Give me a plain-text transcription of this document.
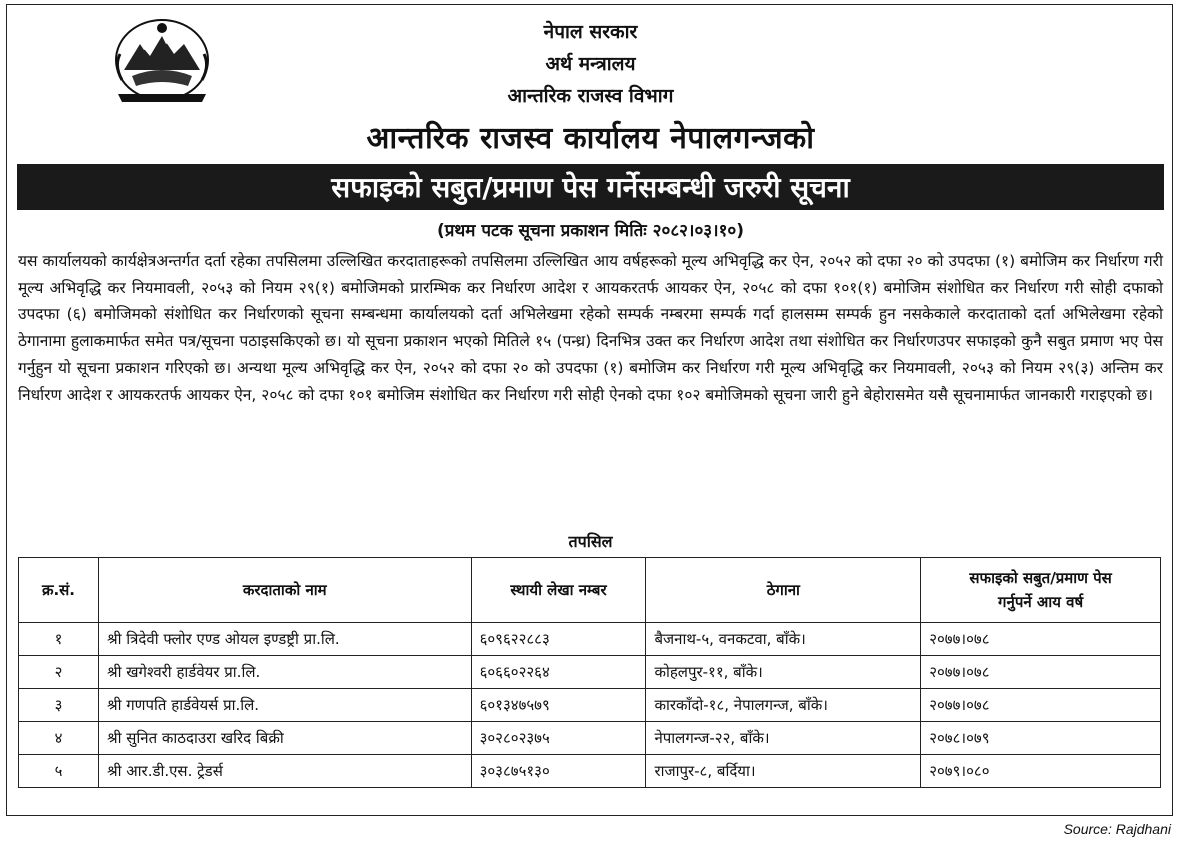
नेपाल सरकार
अर्थ मन्त्रालय
आन्तरिक राजस्व विभाग
आन्तरिक राजस्व कार्यालय नेपालगन्जको
सफाइको सबुत/प्रमाण पेस गर्नेसम्बन्धी जरुरी सूचना
(प्रथम पटक सूचना प्रकाशन मितिः २०८२।०३।१०)

यस कार्यालयको कार्यक्षेत्रअन्तर्गत दर्ता रहेका तपसिलमा उल्लिखित करदाताहरूको तपसिलमा उल्लिखित आय वर्षहरूको मूल्य अभिवृद्धि कर ऐन, २०५२ को दफा २० को उपदफा (१) बमोजिम कर निर्धारण गरी मूल्य अभिवृद्धि कर नियमावली, २०५३ को नियम २९(१) बमोजिमको प्रारम्भिक कर निर्धारण आदेश र आयकरतर्फ आयकर ऐन, २०५८ को दफा १०१(१) बमोजिम संशोधित कर निर्धारण गरी सोही दफाको उपदफा (६) बमोजिमको संशोधित कर निर्धारणको सूचना सम्बन्धमा कार्यालयको दर्ता अभिलेखमा रहेको सम्पर्क नम्बरमा सम्पर्क गर्दा हालसम्म सम्पर्क हुन नसकेकाले करदाताको दर्ता अभिलेखमा रहेको ठेगानामा हुलाकमार्फत समेत पत्र/सूचना पठाइसकिएको छ। यो सूचना प्रकाशन भएको मितिले १५ (पन्ध्र) दिनभित्र उक्त कर निर्धारण आदेश तथा संशोधित कर निर्धारणउपर सफाइको कुनै सबुत प्रमाण भए पेस गर्नुहुन यो सूचना प्रकाशन गरिएको छ। अन्यथा मूल्य अभिवृद्धि कर ऐन, २०५२ को दफा २० को उपदफा (१) बमोजिम कर निर्धारण गरी मूल्य अभिवृद्धि कर नियमावली, २०५३ को नियम २९(३) अन्तिम कर निर्धारण आदेश र आयकरतर्फ आयकर ऐन, २०५८ को दफा १०१ बमोजिम संशोधित कर निर्धारण गरी सोही ऐनको दफा १०२ बमोजिमको सूचना जारी हुने बेहोरासमेत यसै सूचनामार्फत जानकारी गराइएको छ।

तपसिल
क्र.सं.	करदाताको नाम	स्थायी लेखा नम्बर	ठेगाना	सफाइको सबुत/प्रमाण पेस
गर्नुपर्ने आय वर्ष

१	श्री त्रिदेवी फ्लोर एण्ड ओयल इण्डष्ट्री प्रा.लि.	६०९६२२८८३	बैजनाथ-५, वनकटवा, बाँके।	२०७७।०७८
२	श्री खगेश्वरी हार्डवेयर प्रा.लि.	६०६६०२२६४	कोहलपुर-११, बाँके।	२०७७।०७८
३	श्री गणपति हार्डवेयर्स प्रा.लि.	६०१३४७५७९	कारकाँदो-१८, नेपालगन्ज, बाँके।	२०७७।०७८
४	श्री सुनित काठदाउरा खरिद बिक्री	३०२८०२३७५	नेपालगन्ज-२२, बाँके।	२०७८।०७९
५	श्री आर.डी.एस. ट्रेडर्स	३०३८७५१३०	राजापुर-८, बर्दिया।	२०७९।०८०
Source: Rajdhani
